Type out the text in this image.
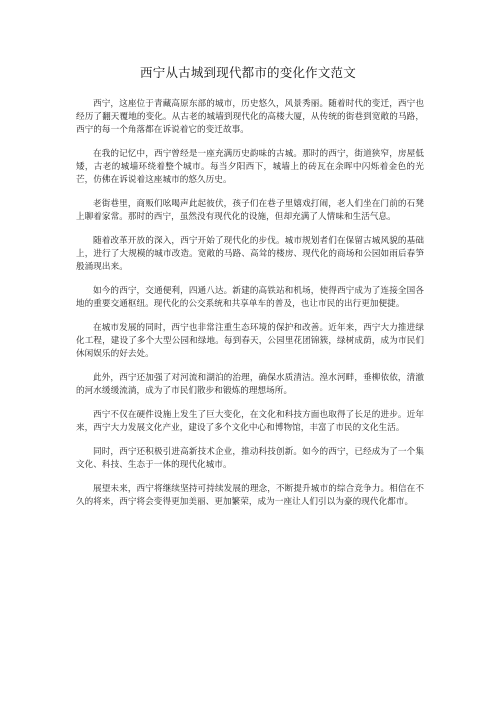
西宁从古城到现代都市的变化作文范文

西宁，这座位于青藏高原东部的城市，历史悠久，风景秀丽。随着时代的变迁，西宁也经历了翻天覆地的变化。从古老的城墙到现代化的高楼大厦，从传统的街巷到宽敞的马路，西宁的每一个角落都在诉说着它的变迁故事。

在我的记忆中，西宁曾经是一座充满历史韵味的古城。那时的西宁，街道狭窄，房屋低矮，古老的城墙环绕着整个城市。每当夕阳西下，城墙上的砖瓦在余晖中闪烁着金色的光芒，仿佛在诉说着这座城市的悠久历史。

老街巷里，商贩们吆喝声此起彼伏，孩子们在巷子里嬉戏打闹，老人们坐在门前的石凳上聊着家常。那时的西宁，虽然没有现代化的设施，但却充满了人情味和生活气息。

随着改革开放的深入，西宁开始了现代化的步伐。城市规划者们在保留古城风貌的基础上，进行了大规模的城市改造。宽敞的马路、高耸的楼房、现代化的商场和公园如雨后春笋般涌现出来。

如今的西宁，交通便利，四通八达。新建的高铁站和机场，使得西宁成为了连接全国各地的重要交通枢纽。现代化的公交系统和共享单车的普及，也让市民的出行更加便捷。

在城市发展的同时，西宁也非常注重生态环境的保护和改善。近年来，西宁大力推进绿化工程，建设了多个大型公园和绿地。每到春天，公园里花团锦簇，绿树成荫，成为市民们休闲娱乐的好去处。

此外，西宁还加强了对河流和湖泊的治理，确保水质清洁。湟水河畔，垂柳依依，清澈的河水缓缓流淌，成为了市民们散步和锻炼的理想场所。

西宁不仅在硬件设施上发生了巨大变化，在文化和科技方面也取得了长足的进步。近年来，西宁大力发展文化产业，建设了多个文化中心和博物馆，丰富了市民的文化生活。

同时，西宁还积极引进高新技术企业，推动科技创新。如今的西宁，已经成为了一个集文化、科技、生态于一体的现代化城市。

展望未来，西宁将继续坚持可持续发展的理念，不断提升城市的综合竞争力。相信在不久的将来，西宁将会变得更加美丽、更加繁荣，成为一座让人们引以为豪的现代化都市。
